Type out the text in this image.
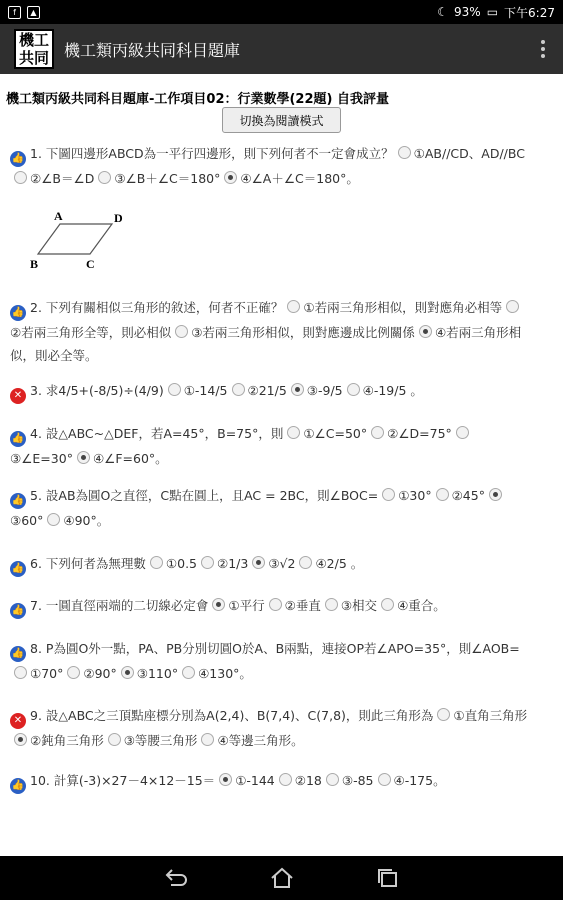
f	▲	☾ 93% ▭ 下午6:27
機工
共同 機工類丙級共同科目題庫
機工類丙級共同科目題庫-工作項目02：行業數學(22題) 自我評量
切換為閱讀模式
A	D
B	C
👍 1. 下圖四邊形ABCD為一平行四邊形，則下列何者不一定會成立？ ①AB//CD、AD//BC②∠B＝∠D ③∠B＋∠C＝180° ④∠A＋∠C＝180°。
👍 2. 下列有關相似三角形的敘述，何者不正確？ ①若兩三角形相似，則對應角必相等②若兩三角形全等，則必相似 ③若兩三角形相似，則對應邊成比例關係 ④若兩三角形相似，則必全等。
✕ 3. 求4/5+(-8/5)÷(4/9) ①-14/5 ②21/5 ③-9/5 ④-19/5 。
👍 4. 設△ABC~△DEF，若A=45°，B=75°，則 ①∠C=50° ②∠D=75°③∠E=30° ④∠F=60°。
👍 5. 設AB為圓O之直徑，C點在圓上，且AC = 2BC，則∠BOC= ①30° ②45°③60° ④90°。
👍 6. 下列何者為無理數 ①0.5 ②1/3 ③√2 ④2/5 。
👍 7. 一圓直徑兩端的二切線必定會 ①平行 ②垂直 ③相交 ④重合。
👍 8. P為圓O外一點，PA、PB分別切圓O於A、B兩點，連接OP若∠APO=35°，則∠AOB=①70° ②90° ③110° ④130°。
✕ 9. 設△ABC之三頂點座標分別為A(2,4)、B(7,4)、C(7,8)，則此三角形為 ①直角三角形②鈍角三角形 ③等腰三角形 ④等邊三角形。
👍 10. 計算(-3)×27－4×12－15＝ ①-144 ②18 ③-85 ④-175。
